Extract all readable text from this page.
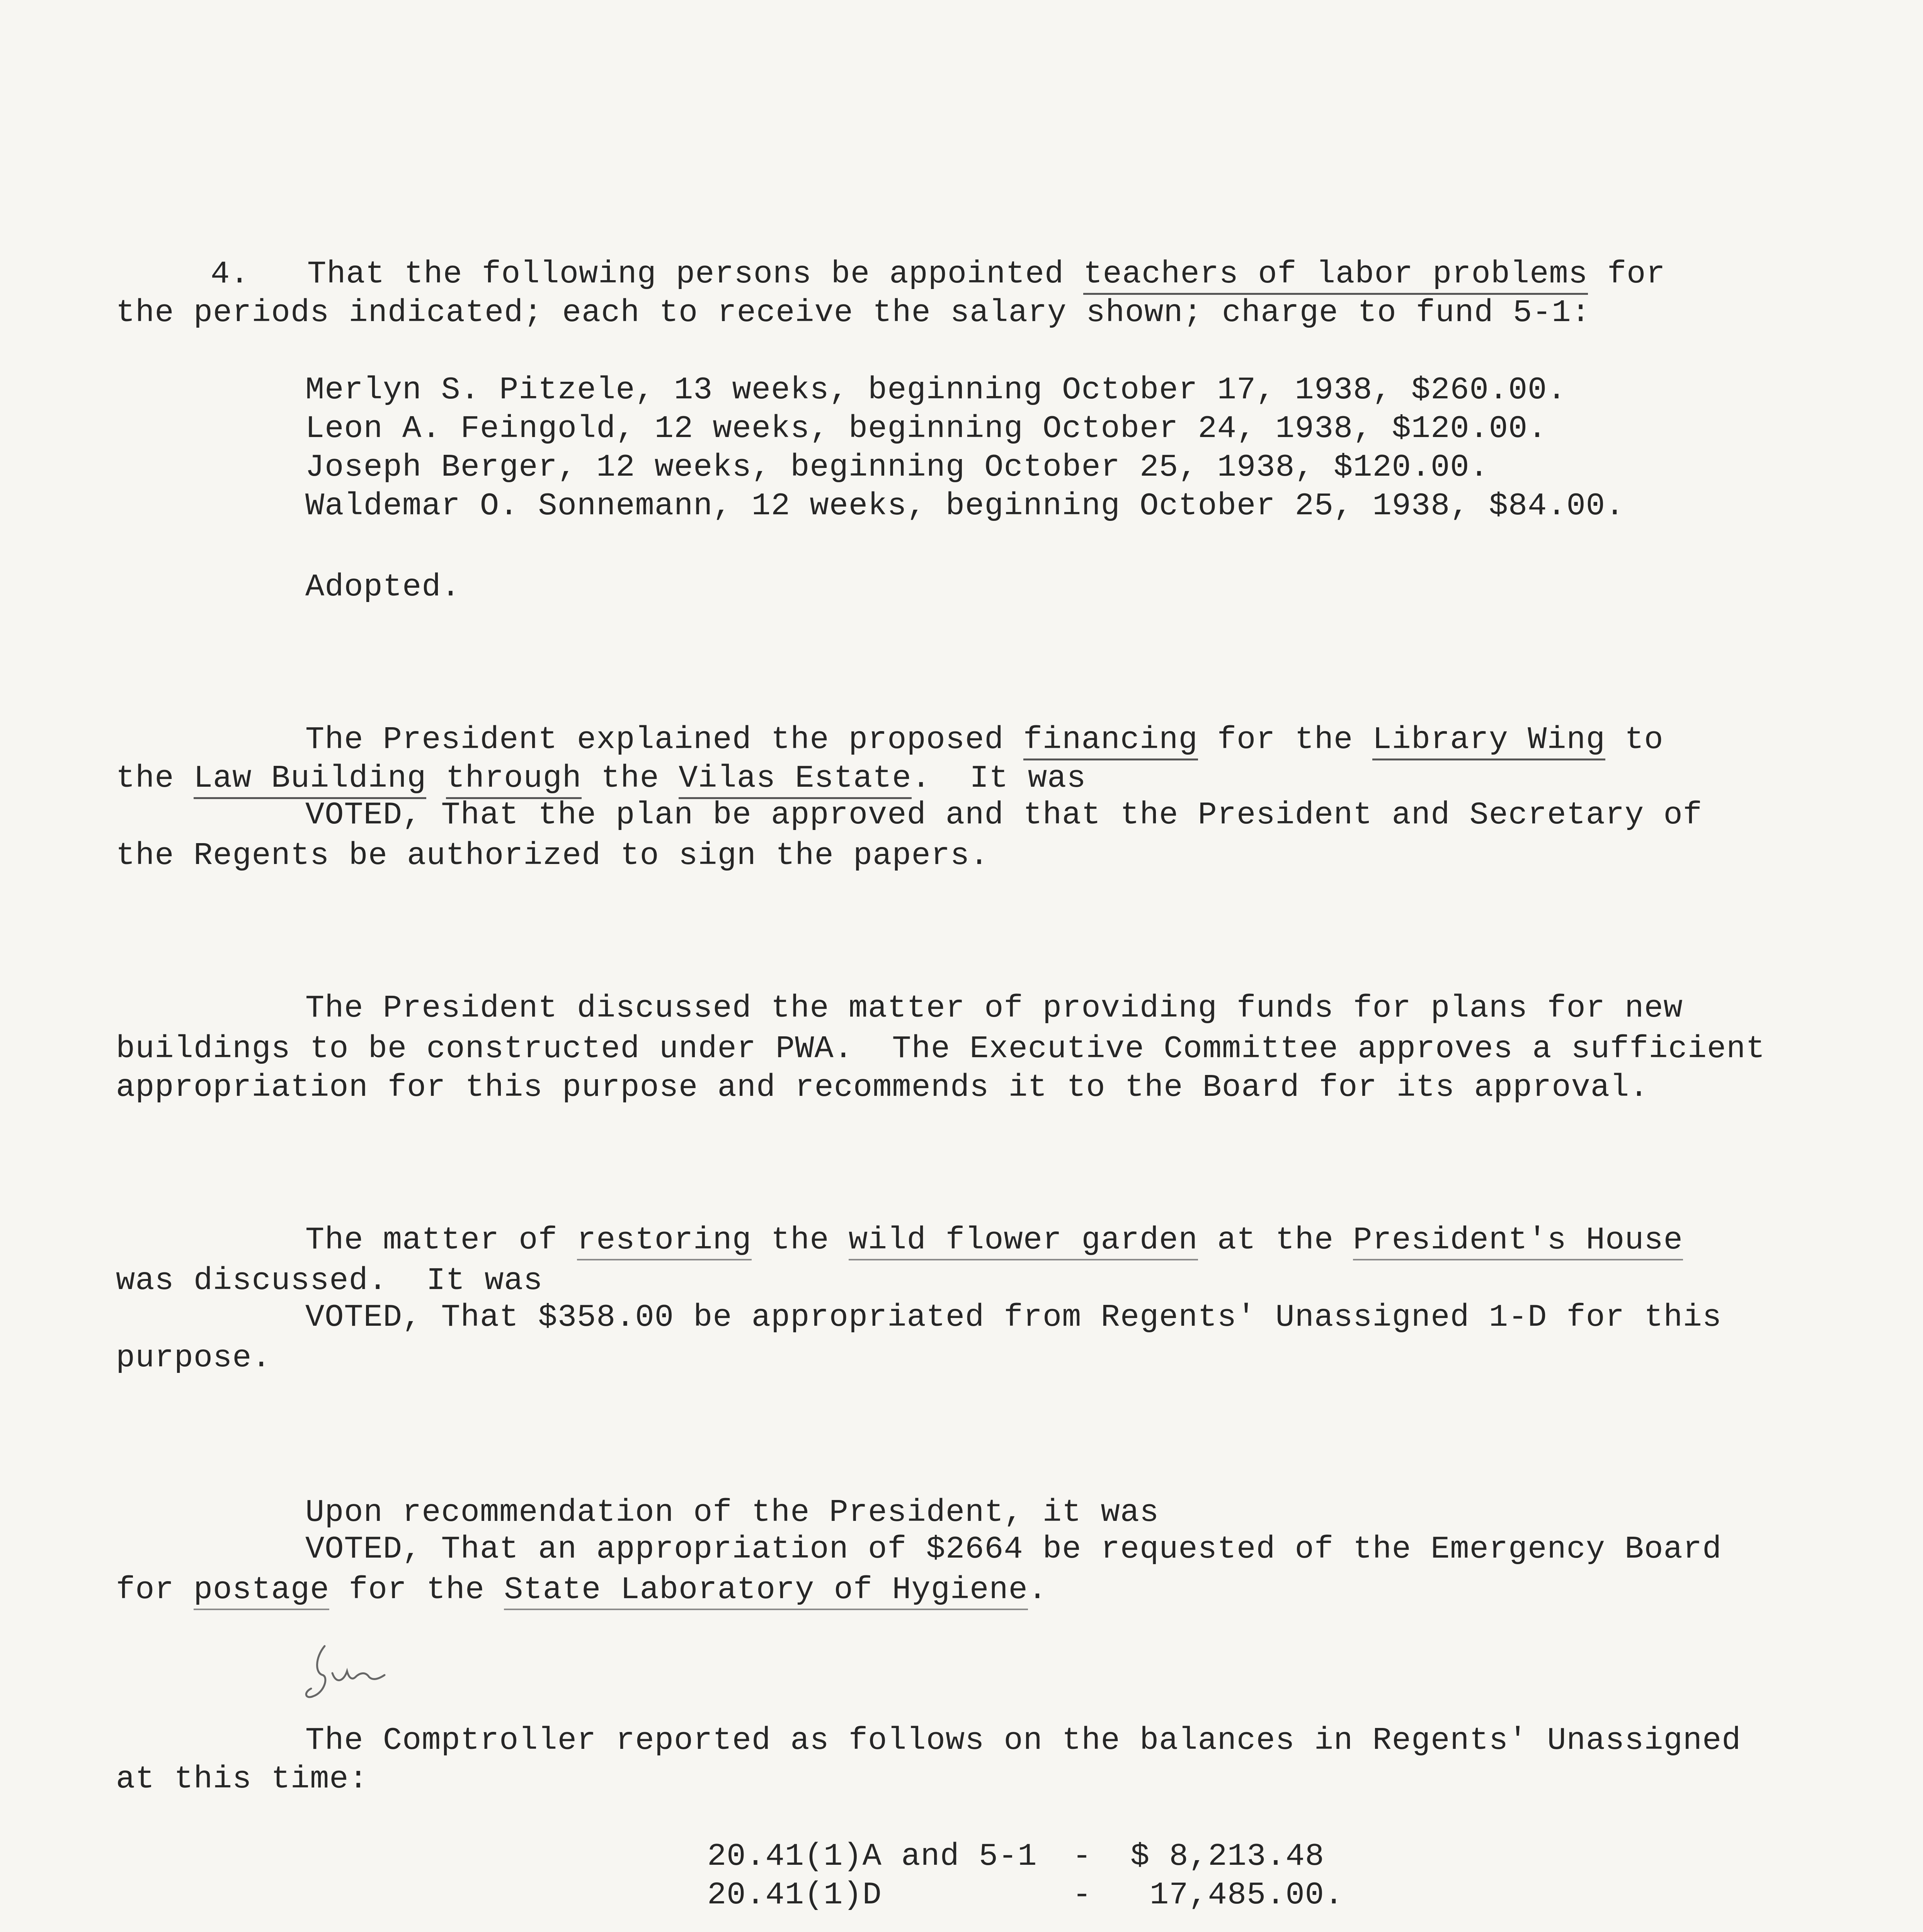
4. That the following persons be appointed teachers of labor problems for
the periods indicated; each to receive the salary shown; charge to fund 5-1:
Merlyn S. Pitzele, 13 weeks, beginning October 17, 1938, $260.00.
Leon A. Feingold, 12 weeks, beginning October 24, 1938, $120.00.
Joseph Berger, 12 weeks, beginning October 25, 1938, $120.00.
Waldemar O. Sonnemann, 12 weeks, beginning October 25, 1938, $84.00.
Adopted.
The President explained the proposed financing for the Library Wing to
the Law Building through the Vilas Estate.  It was
VOTED, That the plan be approved and that the President and Secretary of
the Regents be authorized to sign the papers.
The President discussed the matter of providing funds for plans for new
buildings to be constructed under PWA.  The Executive Committee approves a sufficient
appropriation for this purpose and recommends it to the Board for its approval.
The matter of restoring the wild flower garden at the President's House
was discussed.  It was
VOTED, That $358.00 be appropriated from Regents' Unassigned 1-D for this
purpose.
Upon recommendation of the President, it was
VOTED, That an appropriation of $2664 be requested of the Emergency Board
for postage for the State Laboratory of Hygiene.
The Comptroller reported as follows on the balances in Regents' Unassigned
at this time:
20.41(1)A and 5-1 - $ 8,213.48
20.41(1)D	- 17,485.00.
